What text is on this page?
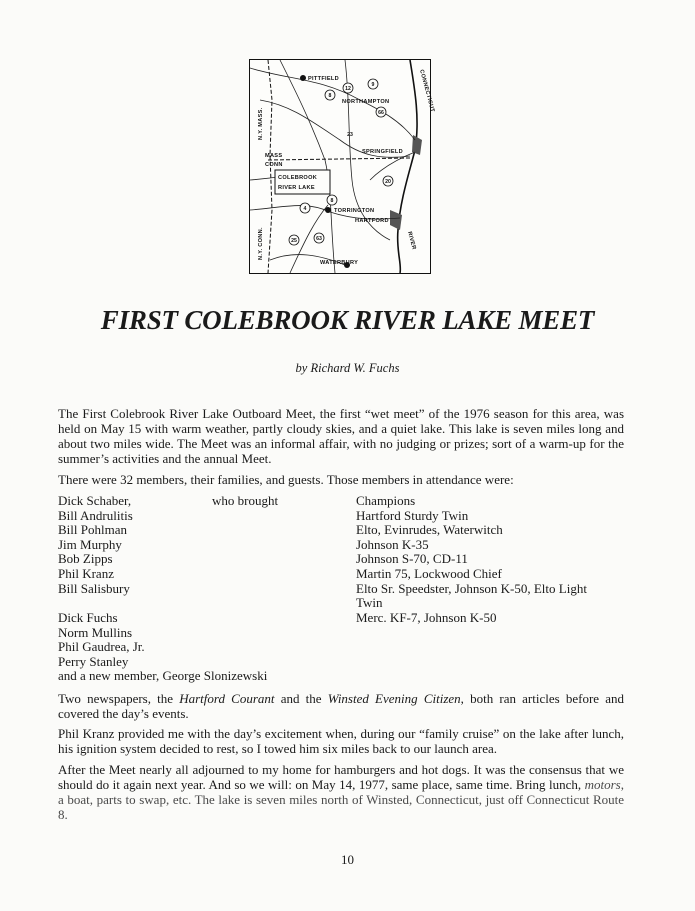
PITTFIELD
NORTHAMPTON
SPRINGFIELD
TORRINGTON
HARTFORD
WATERBURY
COLEBROOK
RIVER LAKE
MASS
CONN
N.Y. MASS.
N.Y. CONN.
CONNECTICUT
RIVER
8
12
9
66
23
20
4
8
25	63
FIRST COLEBROOK RIVER LAKE MEET

by Richard W. Fuchs

The First Colebrook River Lake Outboard Meet, the first “wet meet” of the 1976 season for this area, was held on May 15 with warm weather, partly cloudy skies, and a quiet lake. This lake is seven miles long and about two miles wide. The Meet was an informal affair, with no judging or prizes; sort of a warm-up for the summer’s activities and the annual Meet.

There were 32 members, their families, and guests. Those members in attendance were:

Dick Schaber,
Bill Andrulitis
Bill Pohlman
Jim Murphy
Bob Zipps
Phil Kranz
Bill Salisbury
who brought	Champions
Hartford Sturdy Twin
Elto, Evinrudes, Waterwitch
Johnson K-35
Johnson S-70, CD-11
Martin 75, Lockwood Chief
Elto Sr. Speedster, Johnson K-50, Elto Light
Twin
Merc. KF-7, Johnson K-50
Dick Fuchs
Norm Mullins
Phil Gaudrea, Jr.
Perry Stanley
and a new member, George Slonizewski

Two newspapers, the Hartford Courant and the Winsted Evening Citizen, both ran articles before and covered the day’s events.

Phil Kranz provided me with the day’s excitement when, during our “family cruise” on the lake after lunch, his ignition system decided to rest, so I towed him six miles back to our launch area.

After the Meet nearly all adjourned to my home for hamburgers and hot dogs. It was the consensus that we should do it again next year. And so we will: on May 14, 1977, same place, same time. Bring lunch, motors, a boat, parts to swap, etc. The lake is seven miles north of Winsted, Connecticut, just off Connecticut Route 8.

10
